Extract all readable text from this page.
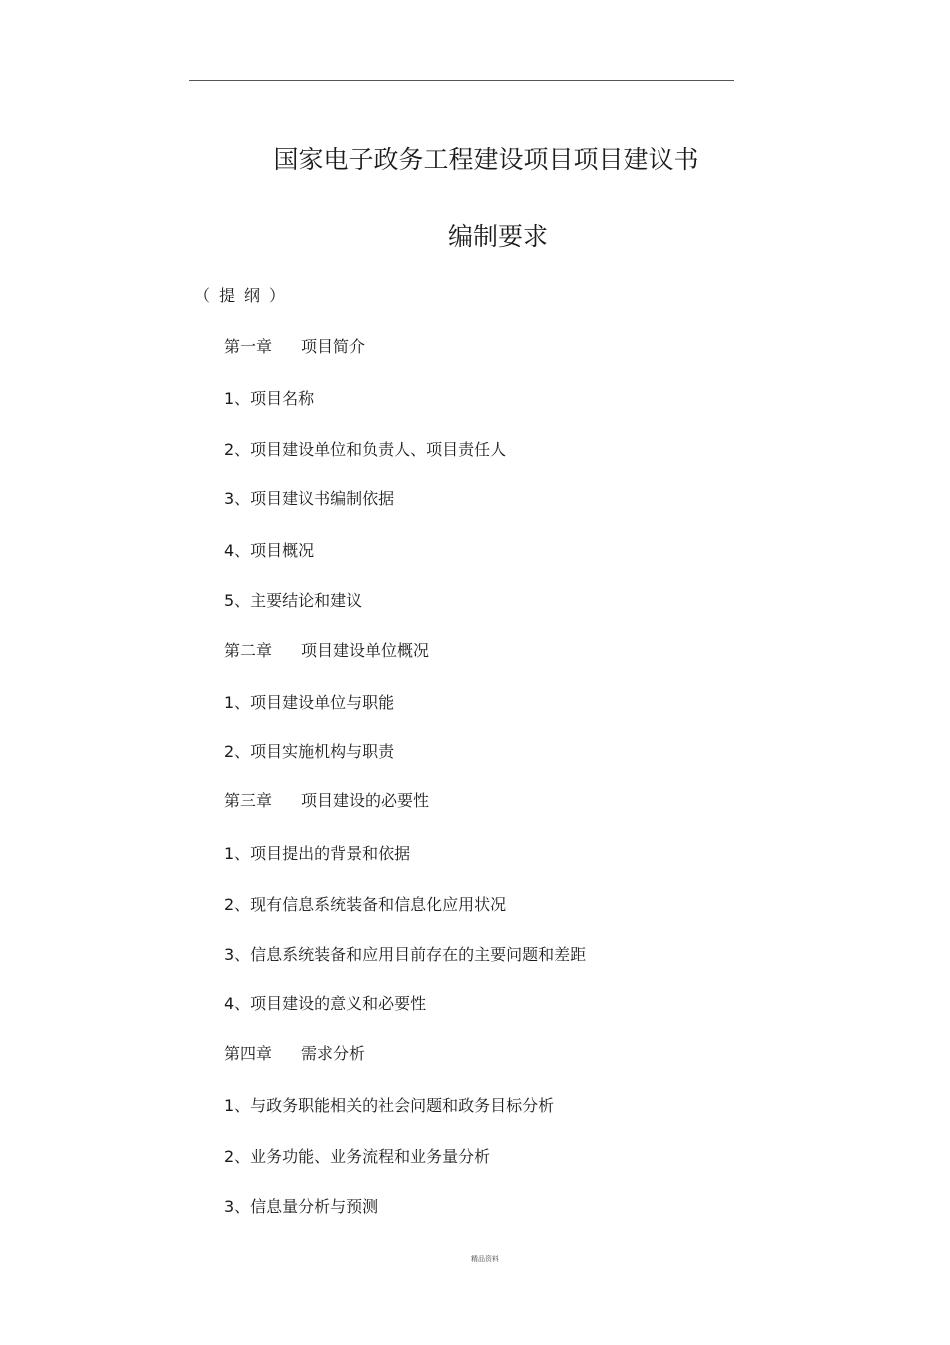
国家电子政务工程建设项目项目建议书
编制要求
（提纲）
第一章 项目简介
1、项目名称
2、项目建设单位和负责人、项目责任人
3、项目建议书编制依据
4、项目概况
5、主要结论和建议
第二章 项目建设单位概况
1、项目建设单位与职能
2、项目实施机构与职责
第三章 项目建设的必要性
1、项目提出的背景和依据
2、现有信息系统装备和信息化应用状况
3、信息系统装备和应用目前存在的主要问题和差距
4、项目建设的意义和必要性
第四章 需求分析
1、与政务职能相关的社会问题和政务目标分析
2、业务功能、业务流程和业务量分析
3、信息量分析与预测
精品资料
